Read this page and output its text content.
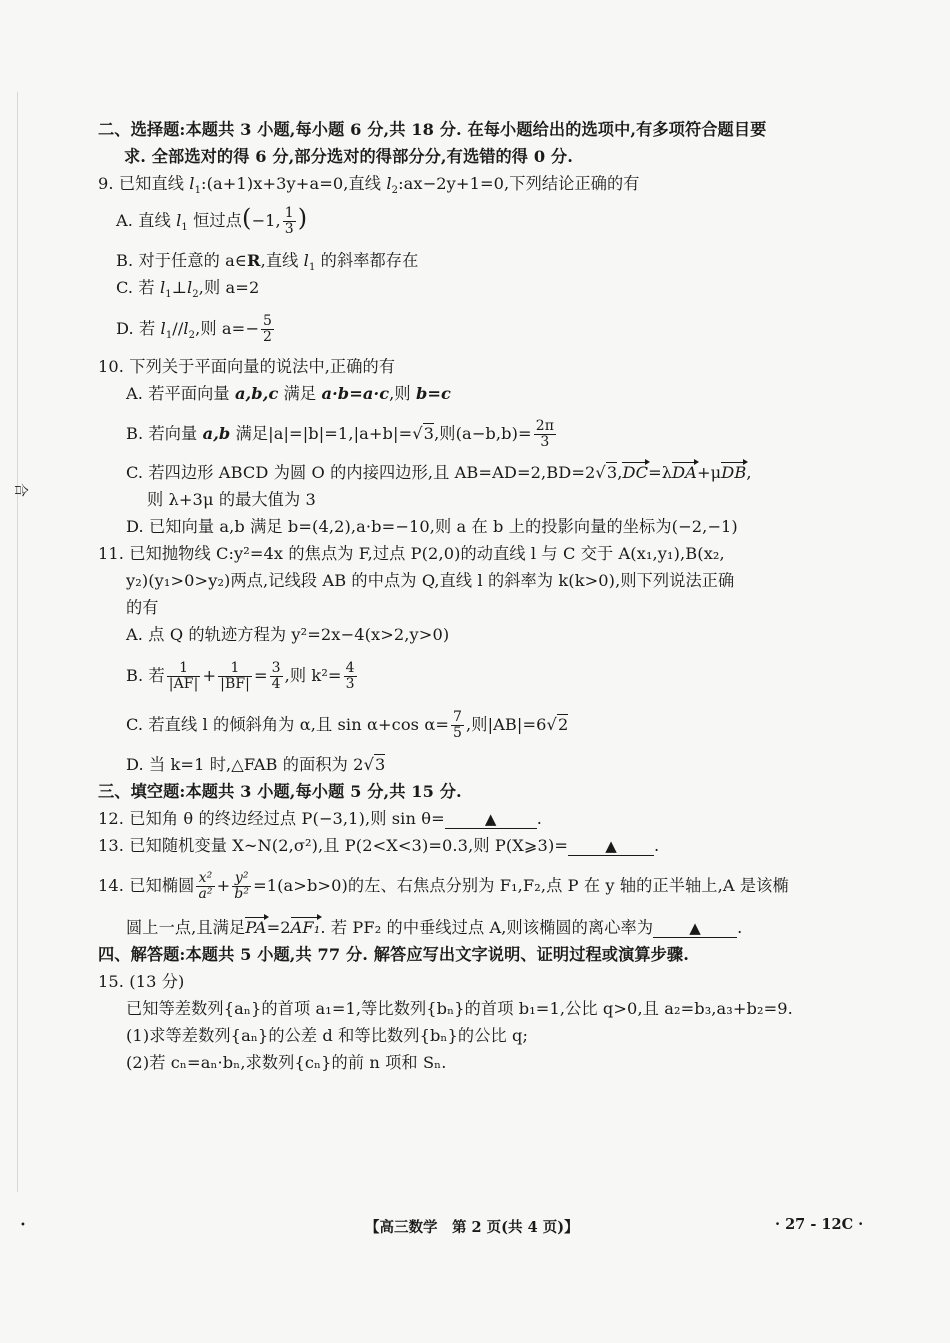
合
二、选择题:本题共 3 小题,每小题 6 分,共 18 分. 在每小题给出的选项中,有多项符合题目要
求. 全部选对的得 6 分,部分选对的得部分分,有选错的得 0 分.
9. 已知直线 $l_1:(a+1)x+3y+a=0$,直线 $l_2:ax-2y+1=0$,下列结论正确的有
A. 直线 $l_1$ 恒过点(−1, $\frac{1}{3}$ )
B. 对于任意的 a∈R,直线 $l_1$ 的斜率都存在
C. 若 $l_1\perp l_2$,则 a=2
D. 若 $l_1//l_2$,则 $a=- \frac{5}{2}$
10. 下列关于平面向量的说法中,正确的有
A. 若平面向量 a,b,c 满足 a·b=a·c,则 b=c
B. 若向量 a,b 满足|a|=|b|=1,|a+b|=√3,则$(a-b,b)= \frac{2\pi}{3}$
C. 若四边形 ABCD 为圆 O 的内接四边形,且 AB=AD=2,BD=2√3,DC=λDA+μDB,
则 λ+3μ 的最大值为 3
D. 已知向量 a,b 满足 b=(4,2),a·b=−10,则 a 在 b 上的投影向量的坐标为(−2,−1)
11. 已知抛物线 C:y²=4x 的焦点为 F,过点 P(2,0)的动直线 l 与 C 交于 A(x₁,y₁),B(x₂,
y₂)(y₁>0>y₂)两点,记线段 AB 的中点为 Q,直线 l 的斜率为 k(k>0),则下列说法正确
的有
A. 点 Q 的轨迹方程为 y²=2x−4(x>2,y>0)
B. 若 $\frac{1}{|AF|} + \frac{1}{|BF|} = \frac{3}{4}$ ,则 $k^2= \frac{4}{3}$
C. 若直线 l 的倾斜角为 α,且 sin α+cos $\alpha= \frac{7}{5}$ ,则|AB|=6√2
D. 当 k=1 时,△FAB 的面积为 2√3
三、填空题:本题共 3 小题,每小题 5 分,共 15 分.
12. 已知角 θ 的终边经过点 P(−3,1),则 sin θ=	▲ .
13. 已知随机变量 X∼N(2,σ²),且 P(2<X<3)=0.3,则 P(X⩾3)= ▲ .
14. 已知椭圆 $\frac{\text{x²}}{\text{a²}} + \frac{\text{y²}}{\text{b²}} =1(a>b>0)$的左、右焦点分别为 F₁,F₂,点 P 在 y 轴的正半轴上,A 是该椭
圆上一点,且满足PA=2AF₁. 若 PF₂ 的中垂线过点 A,则该椭圆的离心率为 ▲ .
四、解答题:本题共 5 小题,共 77 分. 解答应写出文字说明、证明过程或演算步骤.
15. (13 分)
已知等差数列{aₙ}的首项 a₁=1,等比数列{bₙ}的首项 b₁=1,公比 q>0,且 a₂=b₃,a₃+b₂=9.
(1)求等差数列{aₙ}的公差 d 和等比数列{bₙ}的公比 q;
(2)若 cₙ=aₙ·bₙ,求数列{cₙ}的前 n 项和 Sₙ.
•	【高三数学　第 2 页(共 4 页)】	· 27 - 12C ·
